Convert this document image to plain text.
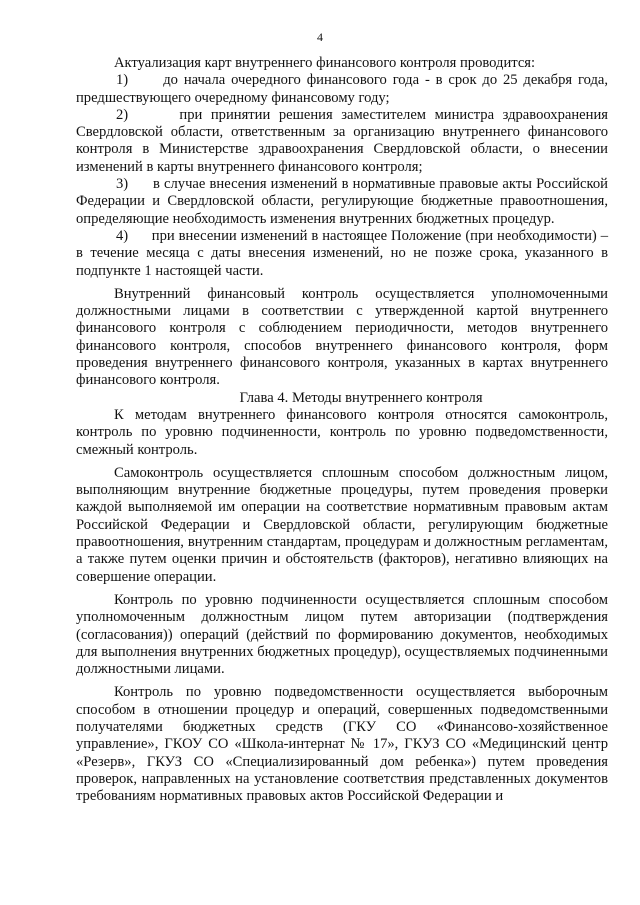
4

Актуализация карт внутреннего финансового контроля проводится:

1)      до начала очередного финансового года - в срок до 25 декабря года, предшествующего очередному финансовому году;

2)      при принятии решения заместителем министра здравоохранения Свердловской области, ответственным за организацию внутреннего финансового контроля в Министерстве здравоохранения Свердловской области, о внесении изменений в карты внутреннего финансового контроля;

3)      в случае внесения изменений в нормативные правовые акты Российской Федерации и Свердловской области, регулирующие бюджетные правоотношения, определяющие необходимость изменения внутренних бюджетных процедур.

4)      при внесении изменений в настоящее Положение (при необходимости) – в течение месяца с даты внесения изменений, но не позже срока, указанного в подпункте 1 настоящей части.

Внутренний финансовый контроль осуществляется уполномоченными должностными лицами в соответствии с утвержденной картой внутреннего финансового контроля с соблюдением периодичности, методов внутреннего финансового контроля, способов внутреннего финансового контроля, форм проведения внутреннего финансового контроля, указанных в картах внутреннего финансового контроля.

Глава 4. Методы внутреннего контроля

К методам внутреннего финансового контроля относятся самоконтроль, контроль по уровню подчиненности, контроль по уровню подведомственности, смежный контроль.

Самоконтроль осуществляется сплошным способом должностным лицом, выполняющим внутренние бюджетные процедуры, путем проведения проверки каждой выполняемой им операции на соответствие нормативным правовым актам Российской Федерации и Свердловской области, регулирующим бюджетные правоотношения, внутренним стандартам, процедурам и должностным регламентам, а также путем оценки причин и обстоятельств (факторов), негативно влияющих на совершение операции.

Контроль по уровню подчиненности осуществляется сплошным способом уполномоченным должностным лицом путем авторизации (подтверждения (согласования)) операций (действий по формированию документов, необходимых для выполнения внутренних бюджетных процедур), осуществляемых подчиненными должностными лицами.

Контроль по уровню подведомственности осуществляется выборочным способом в отношении процедур и операций, совершенных подведомственными получателями бюджетных средств (ГКУ СО «Финансово-хозяйственное управление», ГКОУ СО «Школа-интернат № 17», ГКУЗ СО «Медицинский центр «Резерв», ГКУЗ СО «Специализированный дом ребенка») путем проведения проверок, направленных на установление соответствия представленных документов требованиям нормативных правовых актов Российской Федерации и
